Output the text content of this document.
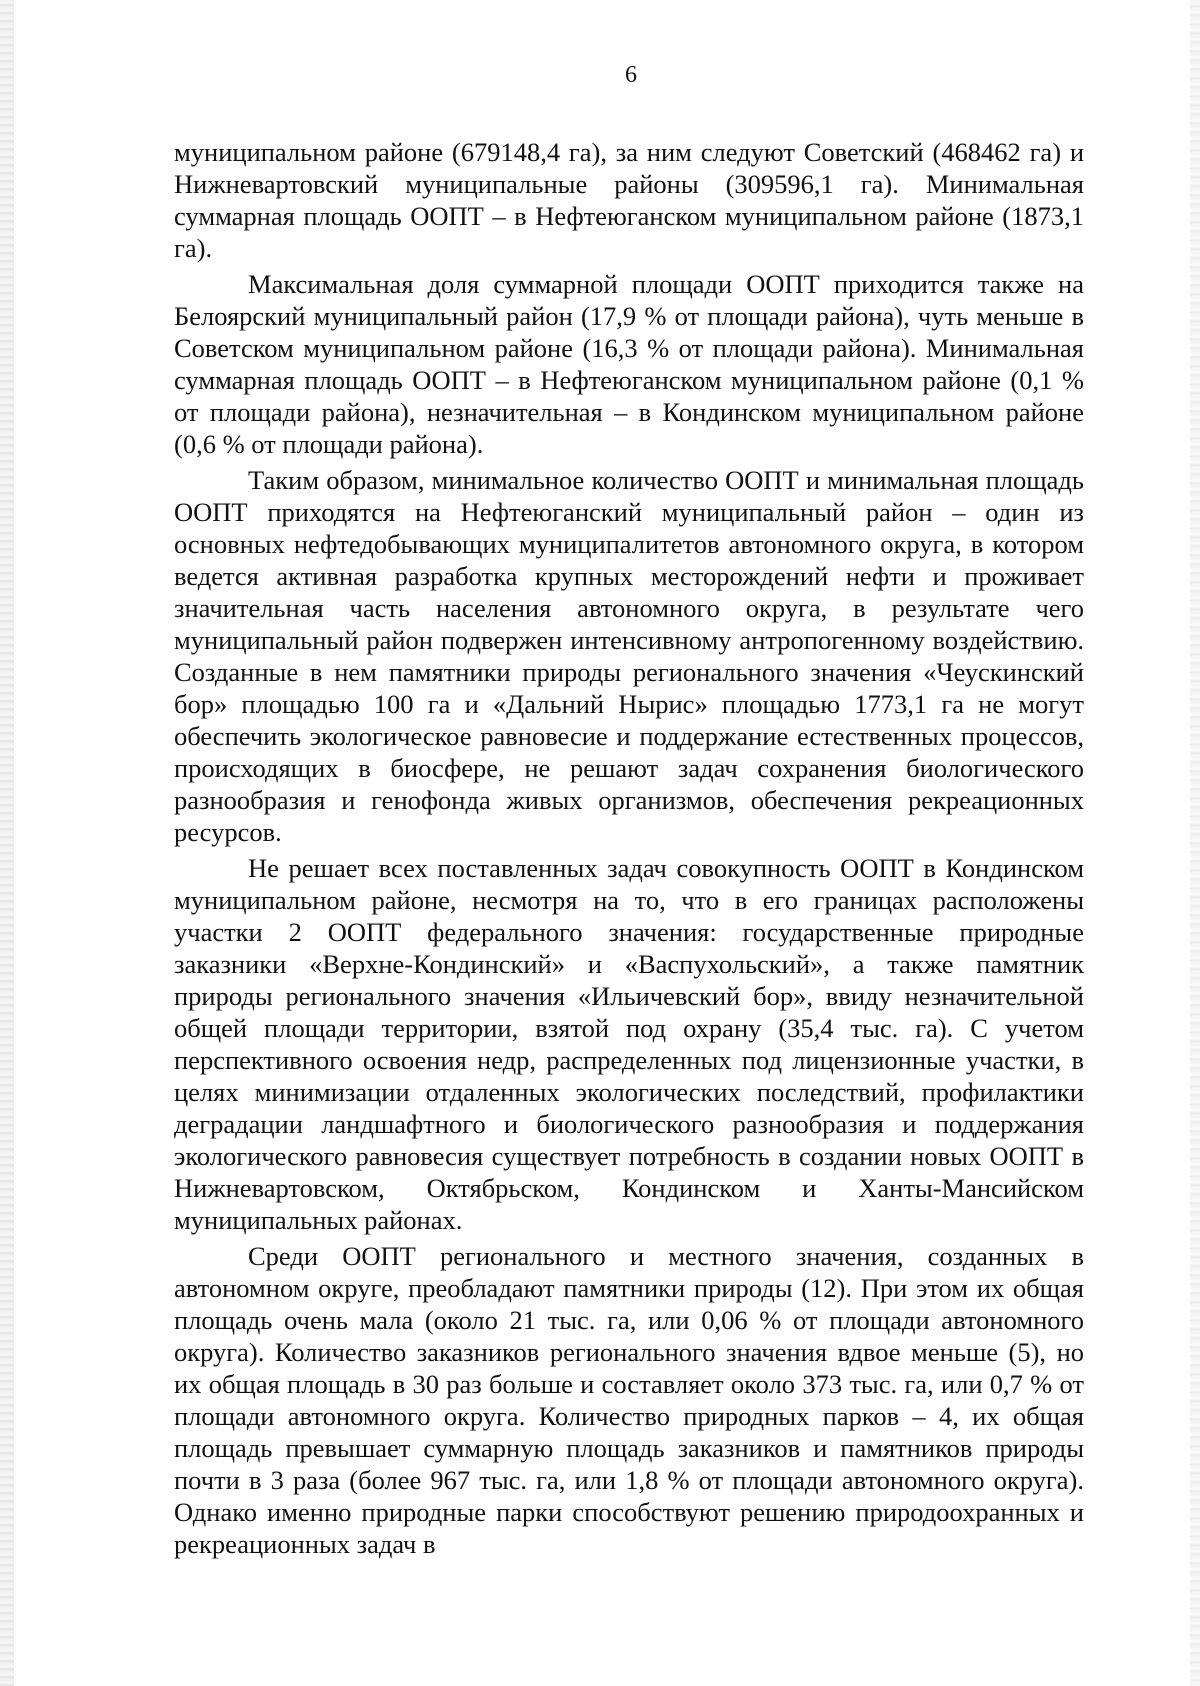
6

муниципальном районе (679148,4 га), за ним следуют Советский (468462 га) и Нижневартовский муниципальные районы (309596,1 га). Минимальная суммарная площадь ООПТ – в Нефтеюганском муниципальном районе (1873,1 га).

Максимальная доля суммарной площади ООПТ приходится также на Белоярский муниципальный район (17,9 % от площади района), чуть меньше в Советском муниципальном районе (16,3 % от площади района). Минимальная суммарная площадь ООПТ – в Нефтеюганском муниципальном районе (0,1 % от площади района), незначительная – в Кондинском муниципальном районе (0,6 % от площади района).

Таким образом, минимальное количество ООПТ и минимальная площадь ООПТ приходятся на Нефтеюганский муниципальный район – один из основных нефтедобывающих муниципалитетов автономного округа, в котором ведется активная разработка крупных месторождений нефти и проживает значительная часть населения автономного округа, в результате чего муниципальный район подвержен интенсивному антропогенному воздействию. Созданные в нем памятники природы регионального значения «Чеускинский бор» площадью 100 га и «Дальний Нырис» площадью 1773,1 га не могут обеспечить экологическое равновесие и поддержание естественных процессов, происходящих в биосфере, не решают задач сохранения биологического разнообразия и генофонда живых организмов, обеспечения рекреационных ресурсов.

Не решает всех поставленных задач совокупность ООПТ в Кондинском муниципальном районе, несмотря на то, что в его границах расположены участки 2 ООПТ федерального значения: государственные природные заказники «Верхне-Кондинский» и «Васпухольский», а также памятник природы регионального значения «Ильичевский бор», ввиду незначительной общей площади территории, взятой под охрану (35,4 тыс. га). С учетом перспективного освоения недр, распределенных под лицензионные участки, в целях минимизации отдаленных экологических последствий, профилактики деградации ландшафтного и биологического разнообразия и поддержания экологического равновесия существует потребность в создании новых ООПТ в Нижневартовском, Октябрьском, Кондинском и Ханты-Мансийском муниципальных районах.

Среди ООПТ регионального и местного значения, созданных в автономном округе, преобладают памятники природы (12). При этом их общая площадь очень мала (около 21 тыс. га, или 0,06 % от площади автономного округа). Количество заказников регионального значения вдвое меньше (5), но их общая площадь в 30 раз больше и составляет около 373 тыс. га, или 0,7 % от площади автономного округа. Количество природных парков – 4, их общая площадь превышает суммарную площадь заказников и памятников природы почти в 3 раза (более 967 тыс. га, или 1,8 % от площади автономного округа). Однако именно природные парки способствуют решению природоохранных и рекреационных задач в
